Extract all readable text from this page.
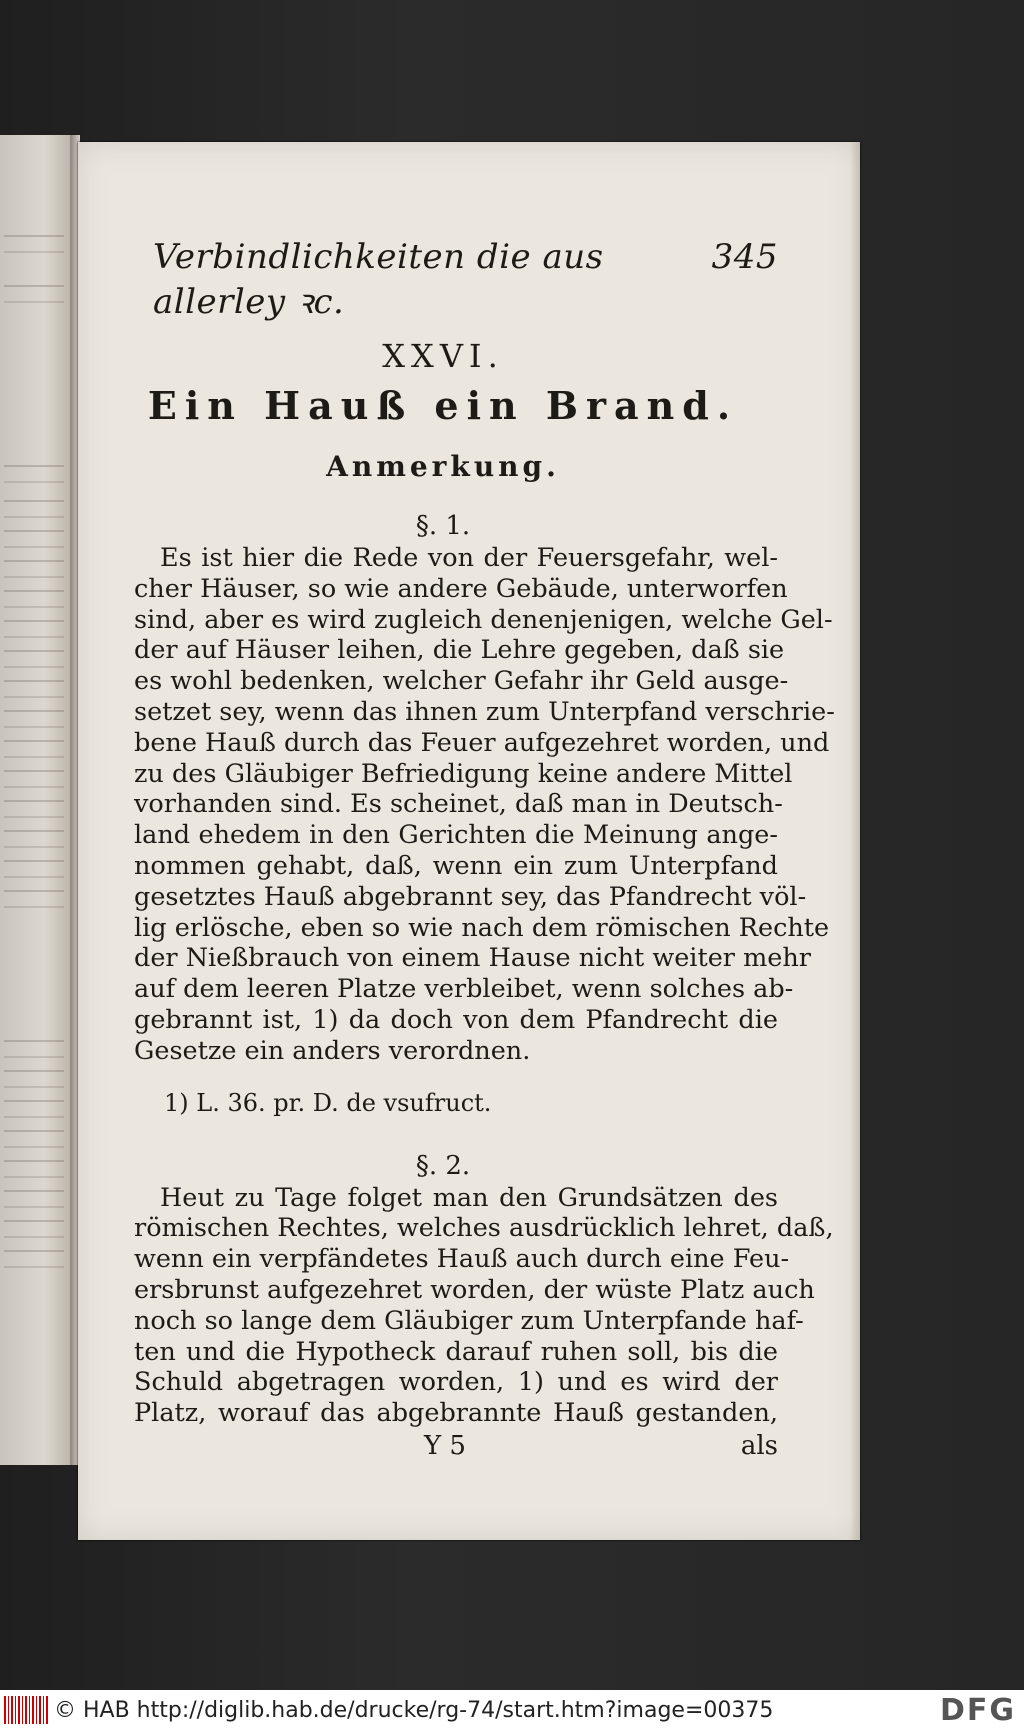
Verbindlichkeiten die aus allerley ꝛc.
345
XXVI.
Ein Hauß ein Brand.
Anmerkung.
§. 1.
Es ist hier die Rede von der Feuersgefahr, wel-
cher Häuser, so wie andere Gebäude, unterworfen
sind, aber es wird zugleich denenjenigen, welche Gel-
der auf Häuser leihen, die Lehre gegeben, daß sie
es wohl bedenken, welcher Gefahr ihr Geld ausge-
setzet sey, wenn das ihnen zum Unterpfand verschrie-
bene Hauß durch das Feuer aufgezehret worden, und
zu des Gläubiger Befriedigung keine andere Mittel
vorhanden sind. Es scheinet, daß man in Deutsch-
land ehedem in den Gerichten die Meinung ange-
nommen gehabt, daß, wenn ein zum Unterpfand
gesetztes Hauß abgebrannt sey, das Pfandrecht völ-
lig erlösche, eben so wie nach dem römischen Rechte
der Nießbrauch von einem Hause nicht weiter mehr
auf dem leeren Platze verbleibet, wenn solches ab-
gebrannt ist, 1) da doch von dem Pfandrecht die
Gesetze ein anders verordnen.
1) L. 36. pr. D. de vsufruct.
§. 2.
Heut zu Tage folget man den Grundsätzen des
römischen Rechtes, welches ausdrücklich lehret, daß,
wenn ein verpfändetes Hauß auch durch eine Feu-
ersbrunst aufgezehret worden, der wüste Platz auch
noch so lange dem Gläubiger zum Unterpfande haf-
ten und die Hypotheck darauf ruhen soll, bis die
Schuld abgetragen worden, 1) und es wird der
Platz, worauf das abgebrannte Hauß gestanden,
Y 5	als
© HAB http://diglib.hab.de/drucke/rg-74/start.htm?image=00375	DFG
